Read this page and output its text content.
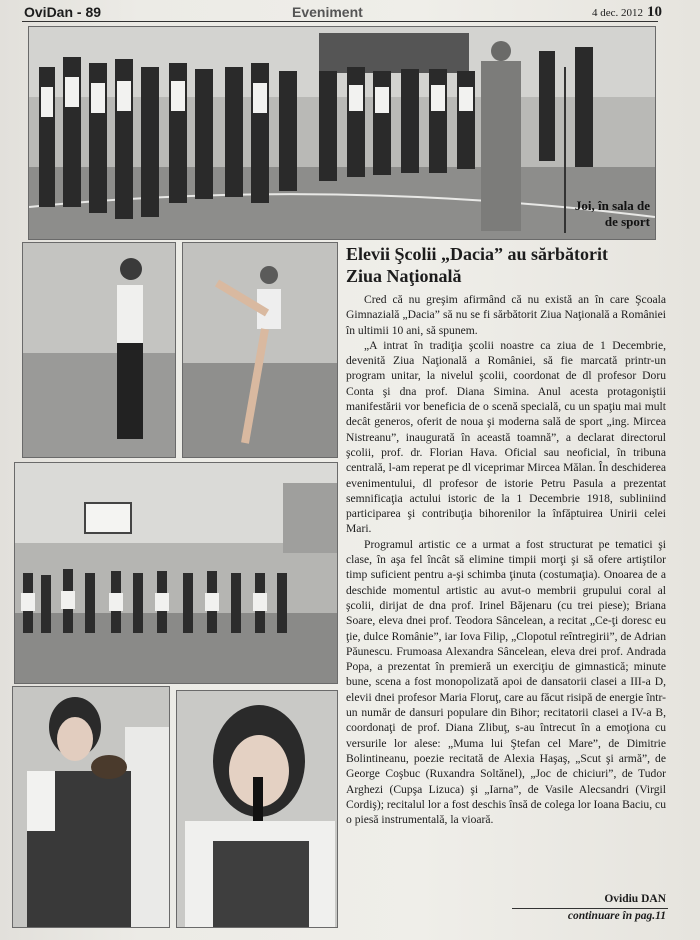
OviDan - 89	Eveniment	4 dec. 2012 10
Joi, în sala de
de sport
Elevii Şcolii „Dacia” au sărbătorit
Ziua Naţională

Cred că nu greşim afirmând că nu există an în care Şcoala Gimnazială „Dacia” să nu se fi sărbătorit Ziua Naţională a României în ultimii 10 ani, să spunem.

„A intrat în tradiţia şcolii noastre ca ziua de 1 Decembrie, devenită Ziua Naţională a României, să fie marcată printr-un program unitar, la nivelul şcolii, coordonat de dl profesor Doru Conta şi dna prof. Diana Simina. Anul acesta protagoniştii manifestării vor beneficia de o scenă specială, cu un spaţiu mai mult decât generos, oferit de noua şi moderna sală de sport „ing. Mircea Nistreanu”, inaugurată în această toamnă”, a declarat directorul şcolii, prof. dr. Florian Hava. Oficial sau neoficial, în tribuna centrală, l-am reperat pe dl viceprimar Mircea Mălan. În deschiderea evenimentului, dl profesor de istorie Petru Pasula a prezentat semnificaţia actului istoric de la 1 Decembrie 1918, subliniind participarea şi contribuţia bihorenilor la înfăptuirea Unirii celei Mari.

Programul artistic ce a urmat a fost structurat pe tematici şi clase, în aşa fel încât să elimine timpii morţi şi să ofere artiştilor timp suficient pentru a-şi schimba ţinuta (costumaţia). Onoarea de a deschide momentul artistic au avut-o membrii grupului coral al şcolii, dirijat de dna prof. Irinel Băjenaru (cu trei piese); Briana Soare, eleva dnei prof. Teodora Sâncelean, a recitat „Ce-ţi doresc eu ţie, dulce Românie”, iar Iova Filip, „Clopotul reîntregirii”, de Adrian Păunescu. Frumoasa Alexandra Sâncelean, eleva drei prof. Andrada Popa, a prezentat în premieră un exerciţiu de gimnastică; minute bune, scena a fost monopolizată apoi de dansatorii clasei a III-a D, elevii dnei profesor Maria Floruţ, care au făcut risipă de energie într-un număr de dansuri populare din Bihor; recitatorii clasei a IV-a B, coordonaţi de prof. Diana Zlibuţ, s-au întrecut în a emoţiona cu versurile lor alese: „Muma lui Ştefan cel Mare”, de Dimitrie Bolintineanu, poezie recitată de Alexia Haşaş, „Scut şi armă”, de George Coşbuc (Ruxandra Soltănel), „Joc de chiciuri”, de Tudor Arghezi (Cupşa Lizuca) şi „Iarna”, de Vasile Alecsandri (Virgil Cordiş); recitalul lor a fost deschis însă de colega lor Ioana Baciu, cu o piesă instrumentală, la vioară.

Ovidiu DAN
continuare în pag.11
